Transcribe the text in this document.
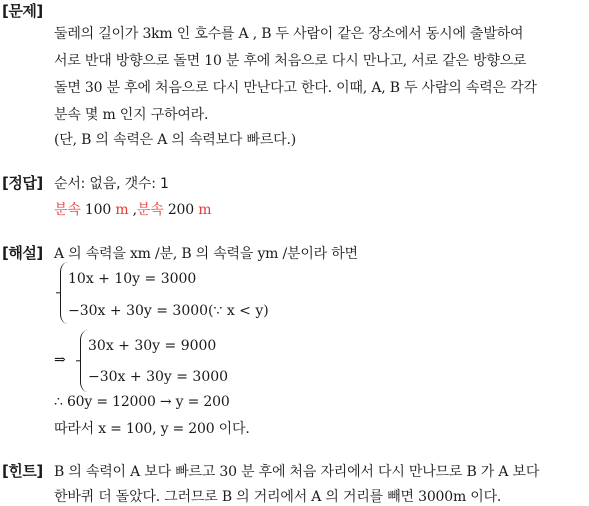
[문제]
둘레의 길이가 3km 인 호수를 A , B 두 사람이 같은 장소에서 동시에 출발하여
서로 반대 방향으로 돌면 10 분 후에 처음으로 다시 만나고, 서로 같은 방향으로
돌면 30 분 후에 처음으로 다시 만난다고 한다. 이때, A, B 두 사람의 속력은 각각
분속 몇 m 인지 구하여라.
(단, B 의 속력은 A 의 속력보다 빠르다.)
[정답] 순서: 없음, 갯수: 1
분속 100 m ,분속 200 m
[해설] A 의 속력을 xm /분, B 의 속력을 ym /분이라 하면
10x + 10y = 3000
−30x + 30y = 3000 (∵ x < y)
⇒
30x + 30y = 9000
−30x + 30y = 3000
∴ 60y = 12000 → y = 200
따라서 x = 100, y = 200 이다.
[힌트] B 의 속력이 A 보다 빠르고 30 분 후에 처음 자리에서 다시 만나므로 B 가 A 보다
한바퀴 더 돌았다. 그러므로 B 의 거리에서 A 의 거리를 빼면 3000m 이다.
